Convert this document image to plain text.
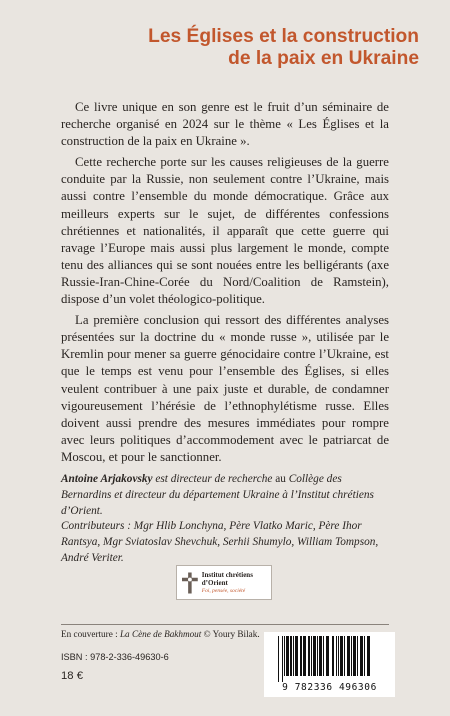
Les Églises et la construction
de la paix en Ukraine

Ce livre unique en son genre est le fruit d’un séminaire de recherche organisé en 2024 sur le thème « Les Églises et la construction de la paix en Ukraine ».

Cette recherche porte sur les causes religieuses de la guerre conduite par la Russie, non seulement contre l’Ukraine, mais aussi contre l’ensemble du monde démocratique. Grâce aux meilleurs experts sur le sujet, de différentes confessions chrétiennes et nationalités, il apparaît que cette guerre qui ravage l’Europe mais aussi plus largement le monde, compte tenu des alliances qui se sont nouées entre les belligérants (axe Russie-Iran-Chine-Corée du Nord/Coalition de Ramstein), dispose d’un volet théologico-politique.

La première conclusion qui ressort des différentes analyses présentées sur la doctrine du « monde russe », utilisée par le Kremlin pour mener sa guerre génocidaire contre l’Ukraine, est que le temps est venu pour l’ensemble des Églises, si elles veulent contribuer à une paix juste et durable, de condamner vigoureusement l’hérésie de l’ethnophylétisme russe. Elles doivent aussi prendre des mesures immédiates pour rompre avec leurs politiques d’accommodement avec le patriarcat de Moscou, et pour le sanctionner.

Antoine Arjakovsky est directeur de recherche au Collège des Bernardins et directeur du département Ukraine à l’Institut chrétiens d’Orient.
Contributeurs : Mgr Hlib Lonchyna, Père Vlatko Maric, Père Ihor Rantsya, Mgr Sviatoslav Shevchuk, Serhii Shumylo, William Tompson, André Veriter.
Institut chrétiens d’Orient
Foi, pensée, société
En couverture : La Cène de Bakhmout © Youry Bilak.
ISBN : 978-2-336-49630-6
18 €
9 782336 496306
